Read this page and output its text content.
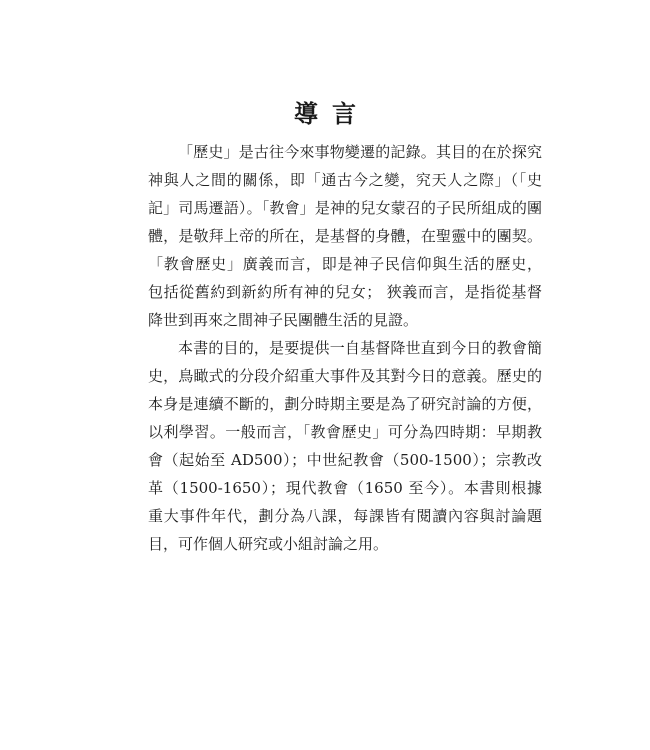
導言

「歷史」是古往今來事物變遷的記錄。其目的在於探究神與人之間的關係，即「通古今之變，究天人之際」（「史記」司馬遷語）。「教會」是神的兒女蒙召的子民所組成的團體，是敬拜上帝的所在，是基督的身體，在聖靈中的團契。「教會歷史」廣義而言，即是神子民信仰與生活的歷史， 包括從舊約到新約所有神的兒女； 狹義而言，是指從基督降世到再來之間神子民團體生活的見證。

本書的目的，是要提供一自基督降世直到今日的教會簡史，鳥瞰式的分段介紹重大事件及其對今日的意義。歷史的本身是連續不斷的，劃分時期主要是為了研究討論的方便，以利學習。一般而言，「教會歷史」可分為四時期：早期教會（起始至 AD500）；中世紀教會（500-1500）；宗教改革（1500-1650）；現代教會（1650 至今）。本書則根據重大事件年代，劃分為八課，每課皆有閱讀內容與討論題目，可作個人研究或小組討論之用。
